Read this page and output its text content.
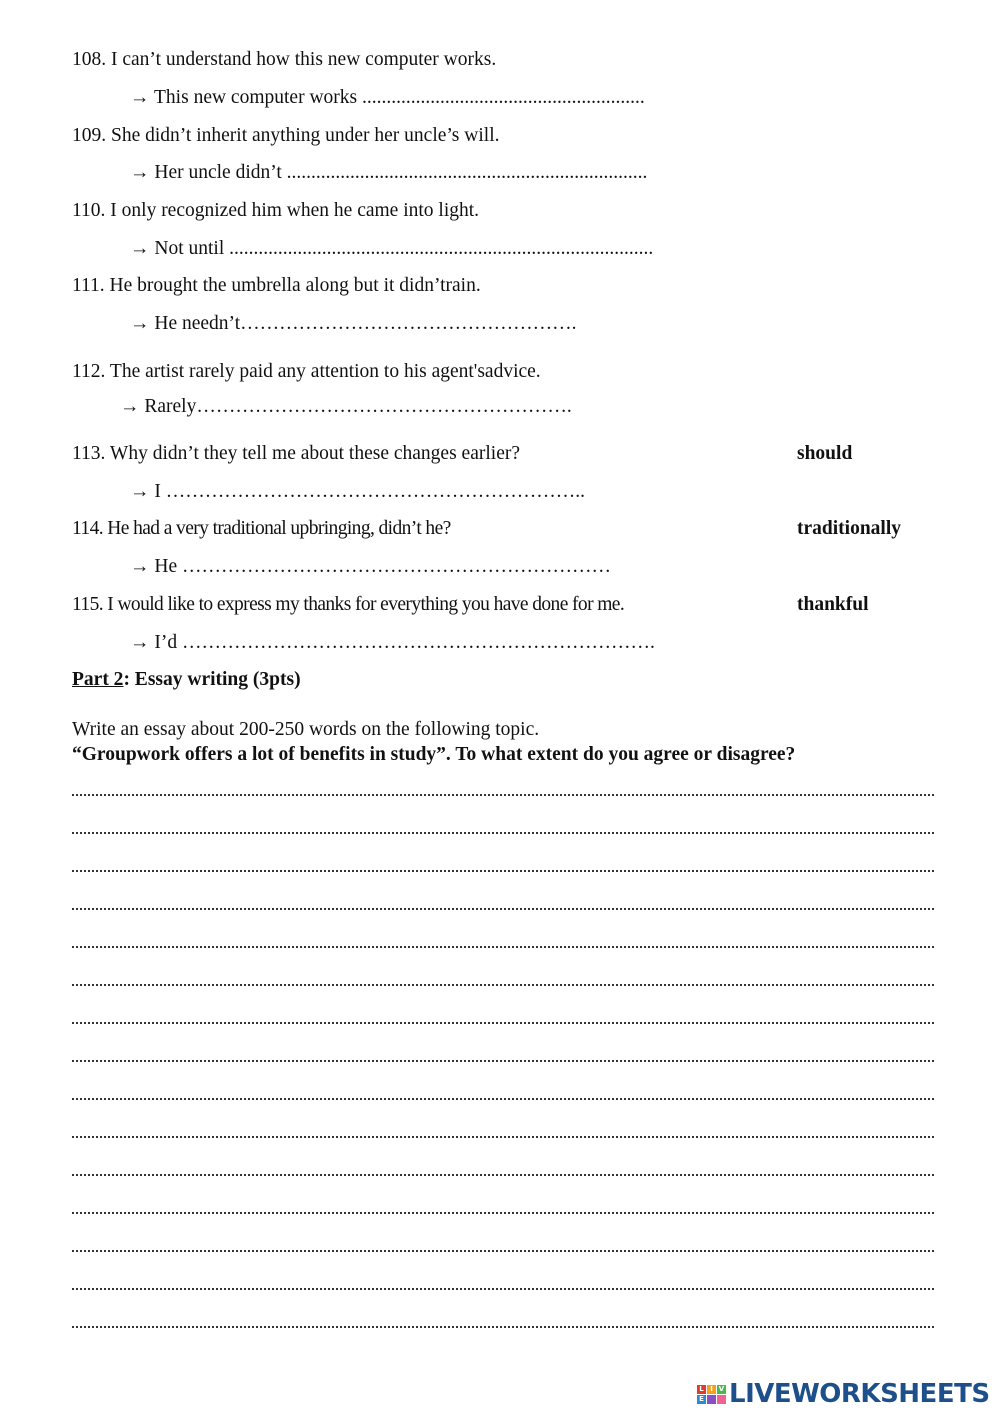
108. I can’t understand how this new computer works.
→ This new computer works ..........................................................
109. She didn’t inherit anything under her uncle’s will.
→ Her uncle didn’t ..........................................................................
110. I only recognized him when he came into light.
→ Not until .......................................................................................
111. He brought the umbrella along but it didn’train.
→ He needn’t…………………………………………….
112. The artist rarely paid any attention to his agent'sadvice.
→ Rarely………………………………………………….
113. Why didn’t they tell me about these changes earlier?	should
→ I ………………………………………………………..
114. He had a very traditional upbringing, didn’t he?	traditionally
→ He …………………………………………………………
115. I would like to express my thanks for everything you have done for me.	thankful
→ I’d ……………………………………………………………….
Part 2: Essay writing (3pts)
Write an essay about 200-250 words on the following topic.
“Groupwork offers a lot of benefits in study”. To what extent do you agree or disagree?
L I V
E LIVEWORKSHEETS
